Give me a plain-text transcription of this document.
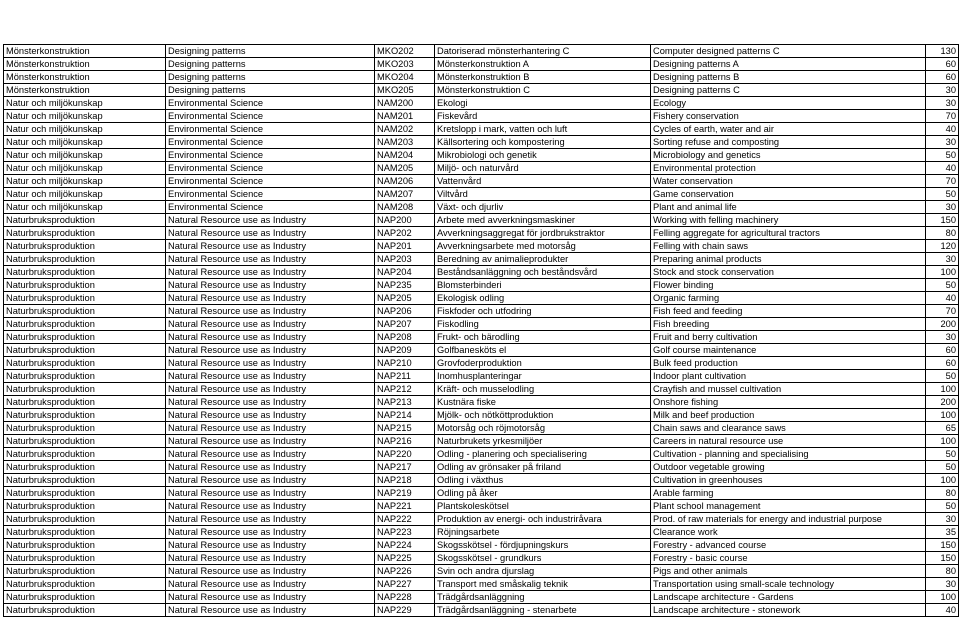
Engelsk översättning av ämnen och kurser. Publicerad 2003-03-05
Mönsterkonstruktion	Designing patterns	MKO202	Datoriserad mönsterhantering C	Computer designed patterns C	130
Mönsterkonstruktion	Designing patterns	MKO203	Mönsterkonstruktion A	Designing patterns A	60
Mönsterkonstruktion	Designing patterns	MKO204	Mönsterkonstruktion B	Designing patterns B	60
Mönsterkonstruktion	Designing patterns	MKO205	Mönsterkonstruktion C	Designing patterns C	30
Natur och miljökunskap	Environmental Science	NAM200	Ekologi	Ecology	30
Natur och miljökunskap	Environmental Science	NAM201	Fiskevård	Fishery conservation	70
Natur och miljökunskap	Environmental Science	NAM202	Kretslopp i mark, vatten och luft	Cycles of earth, water and air	40
Natur och miljökunskap	Environmental Science	NAM203	Källsortering och kompostering	Sorting refuse and composting	30
Natur och miljökunskap	Environmental Science	NAM204	Mikrobiologi och genetik	Microbiology and genetics	50
Natur och miljökunskap	Environmental Science	NAM205	Miljö- och naturvård	Environmental protection	40
Natur och miljökunskap	Environmental Science	NAM206	Vattenvård	Water conservation	70
Natur och miljökunskap	Environmental Science	NAM207	Viltvård	Game conservation	50
Natur och miljökunskap	Environmental Science	NAM208	Växt- och djurliv	Plant and animal life	30
Naturbruksproduktion	Natural Resource use as Industry	NAP200	Arbete med avverkningsmaskiner	Working with felling machinery	150
Naturbruksproduktion	Natural Resource use as Industry	NAP202	Avverkningsaggregat för jordbrukstraktor	Felling aggregate for agricultural tractors	80
Naturbruksproduktion	Natural Resource use as Industry	NAP201	Avverkningsarbete med motorsåg	Felling with chain saws	120
Naturbruksproduktion	Natural Resource use as Industry	NAP203	Beredning av animalieprodukter	Preparing animal products	30
Naturbruksproduktion	Natural Resource use as Industry	NAP204	Beståndsanläggning och beståndsvård	Stock and stock conservation	100
Naturbruksproduktion	Natural Resource use as Industry	NAP235	Blomsterbinderi	Flower binding	50
Naturbruksproduktion	Natural Resource use as Industry	NAP205	Ekologisk odling	Organic farming	40
Naturbruksproduktion	Natural Resource use as Industry	NAP206	Fiskfoder och utfodring	Fish feed and feeding	70
Naturbruksproduktion	Natural Resource use as Industry	NAP207	Fiskodling	Fish breeding	200
Naturbruksproduktion	Natural Resource use as Industry	NAP208	Frukt- och bärodling	Fruit and berry cultivation	30
Naturbruksproduktion	Natural Resource use as Industry	NAP209	Golfbanesköts el	Golf course maintenance	60
Naturbruksproduktion	Natural Resource use as Industry	NAP210	Grovfoderproduktion	Bulk feed production	60
Naturbruksproduktion	Natural Resource use as Industry	NAP211	Inomhusplanteringar	Indoor plant cultivation	50
Naturbruksproduktion	Natural Resource use as Industry	NAP212	Kräft- och musselodling	Crayfish and mussel cultivation	100
Naturbruksproduktion	Natural Resource use as Industry	NAP213	Kustnära fiske	Onshore fishing	200
Naturbruksproduktion	Natural Resource use as Industry	NAP214	Mjölk- och nötköttproduktion	Milk and beef production	100
Naturbruksproduktion	Natural Resource use as Industry	NAP215	Motorsåg och röjmotorsåg	Chain saws and clearance saws	65
Naturbruksproduktion	Natural Resource use as Industry	NAP216	Naturbrukets yrkesmiljöer	Careers in natural resource use	100
Naturbruksproduktion	Natural Resource use as Industry	NAP220	Odling - planering och specialisering	Cultivation - planning and specialising	50
Naturbruksproduktion	Natural Resource use as Industry	NAP217	Odling av grönsaker på friland	Outdoor vegetable growing	50
Naturbruksproduktion	Natural Resource use as Industry	NAP218	Odling i växthus	Cultivation in greenhouses	100
Naturbruksproduktion	Natural Resource use as Industry	NAP219	Odling på åker	Arable farming	80
Naturbruksproduktion	Natural Resource use as Industry	NAP221	Plantskoleskötsel	Plant school management	50
Naturbruksproduktion	Natural Resource use as Industry	NAP222	Produktion av energi- och industriråvara	Prod. of raw materials for energy and industrial purpose	30
Naturbruksproduktion	Natural Resource use as Industry	NAP223	Röjningsarbete	Clearance work	35
Naturbruksproduktion	Natural Resource use as Industry	NAP224	Skogsskötsel - fördjupningskurs	Forestry - advanced course	150
Naturbruksproduktion	Natural Resource use as Industry	NAP225	Skogsskötsel - grundkurs	Forestry - basic course	150
Naturbruksproduktion	Natural Resource use as Industry	NAP226	Svin och andra djurslag	Pigs and other animals	80
Naturbruksproduktion	Natural Resource use as Industry	NAP227	Transport med småskalig teknik	Transportation using small-scale technology	30
Naturbruksproduktion	Natural Resource use as Industry	NAP228	Trädgårdsanläggning	Landscape architecture - Gardens	100
Naturbruksproduktion	Natural Resource use as Industry	NAP229	Trädgårdsanläggning - stenarbete	Landscape architecture - stonework	40
